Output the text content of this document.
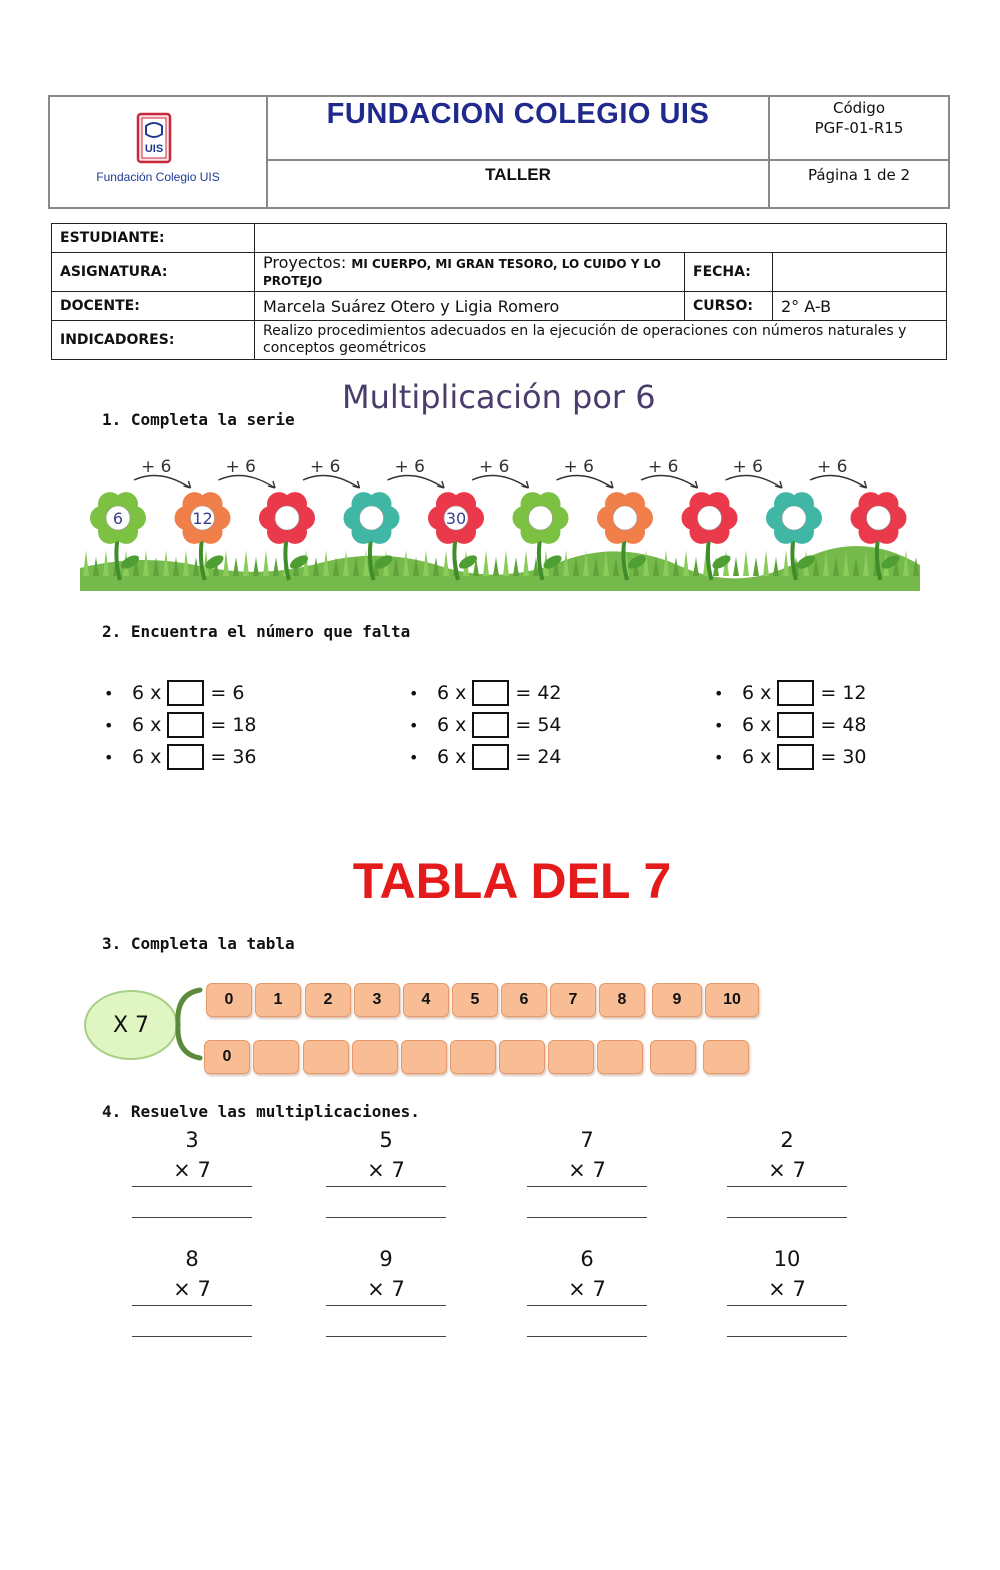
UIS
Fundación Colegio UIS
FUNDACION COLEGIO UIS
TALLER
Código
PGF-01-R15
Página 1 de 2
ESTUDIANTE:			
ASIGNATURA:	Proyectos: MI CUERPO, MI GRAN TESORO, LO CUIDO Y LO PROTEJO	FECHA:	
DOCENTE:	Marcela Suárez Otero y Ligia Romero	CURSO:	2° A-B
INDICADORES:	Realizo procedimientos adecuados en la ejecución de operaciones con números naturales y conceptos geométricos		
Multiplicación por 6
1. Completa la serie
6
+ 6
12
+ 6	+ 6	+ 6
30
+ 6	+ 6	+ 6	+ 6	+ 6
2. Encuentra el número que falta
• 6 x	= 6
• 6 x	= 18
• 6 x	= 36
• 6 x	= 42
• 6 x	= 54
• 6 x	= 24
• 6 x	= 12
• 6 x	= 48
• 6 x	= 30
TABLA DEL 7
3. Completa la tabla
X 7
0	1	2	3	4	5	6	7	8	9	10
0
4. Resuelve las multiplicaciones.
3
× 7
5
× 7
7
× 7
2
× 7
8
× 7
9
× 7
6
× 7
10
× 7
